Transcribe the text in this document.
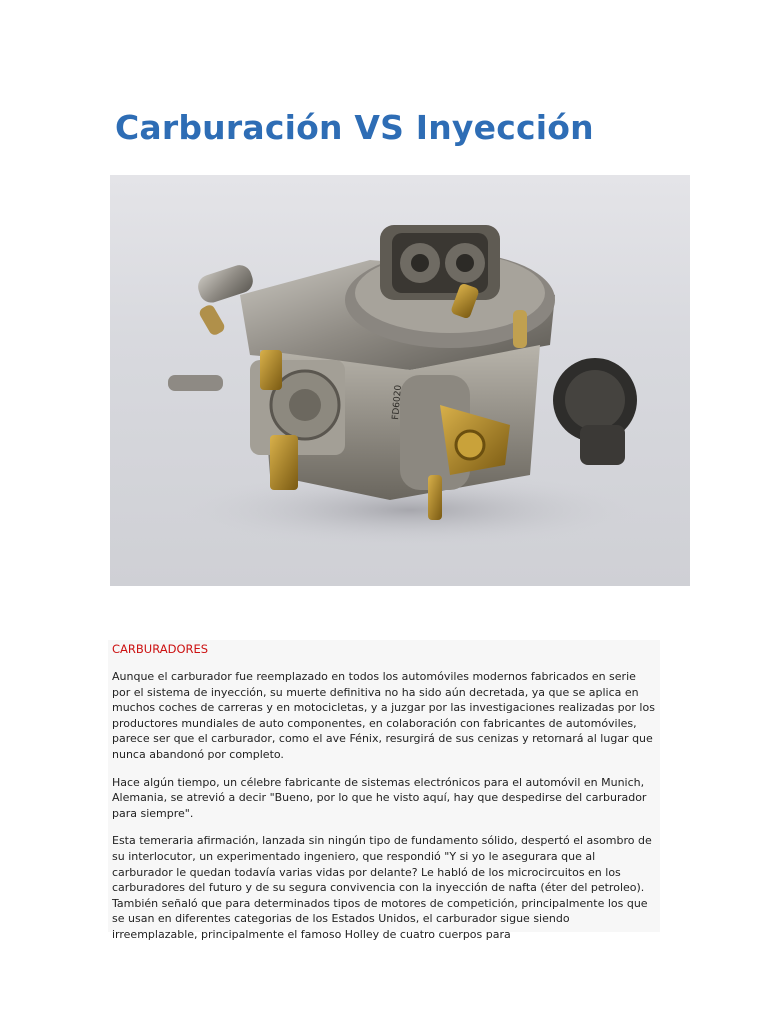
Carburación VS Inyección
FD6020
CARBURADORES

Aunque el carburador fue reemplazado en todos los automóviles modernos fabricados en serie por el sistema de inyección, su muerte definitiva no ha sido aún decretada, ya que se aplica en muchos coches de carreras y en motocicletas, y a juzgar por las investigaciones realizadas por los productores mundiales de auto componentes, en colaboración con fabricantes de automóviles, parece ser que el carburador, como el ave Fénix, resurgirá de sus cenizas y retornará al lugar que nunca abandonó por completo.

Hace algún tiempo, un célebre fabricante de sistemas electrónicos para el automóvil en Munich, Alemania, se atrevió a decir "Bueno, por lo que he visto aquí, hay que despedirse del carburador para siempre".

Esta temeraria afirmación, lanzada sin ningún tipo de fundamento sólido, despertó el asombro de su interlocutor, un experimentado ingeniero, que respondió "Y si yo le asegurara que al carburador le quedan todavía varias vidas por delante? Le habló de los microcircuitos en los carburadores del futuro y de su segura convivencia con la inyección de nafta (éter del petroleo). También señaló que para determinados tipos de motores de competición, principalmente los que se usan en diferentes categorias de los Estados Unidos, el carburador sigue siendo irreemplazable, principalmente el famoso Holley de cuatro cuerpos para
